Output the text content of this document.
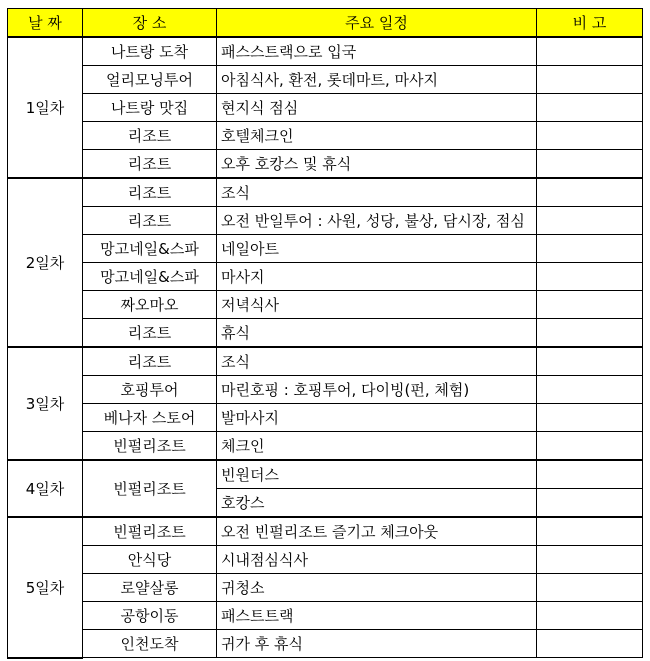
날 짜	장 소	주요 일정	비 고
1일차	나트랑 도착	패스스트랙으로 입국	
	얼리모닝투어	아침식사, 환전, 롯데마트, 마사지	
	나트랑 맛집	현지식 점심	
	리조트	호텔체크인	
	리조트	오후 호캉스 및 휴식	
2일차	리조트	조식	
	리조트	오전 반일투어 : 사원, 성당, 불상, 담시장, 점심	
	망고네일&스파	네일아트	
	망고네일&스파	마사지	
	짜오마오	저녁식사	
	리조트	휴식	
3일차	리조트	조식	
	호핑투어	마린호핑 : 호핑투어, 다이빙(펀, 체험)	
	베나자 스토어	발마사지	
	빈펄리조트	체크인	
4일차	빈펄리조트	빈원더스	
		호캉스	
5일차	빈펄리조트	오전 빈펄리조트 즐기고 체크아웃	
	안식당	시내점심식사	
	로얄살롱	귀청소	
	공항이동	패스트트랙	
	인천도착	귀가 후 휴식	
